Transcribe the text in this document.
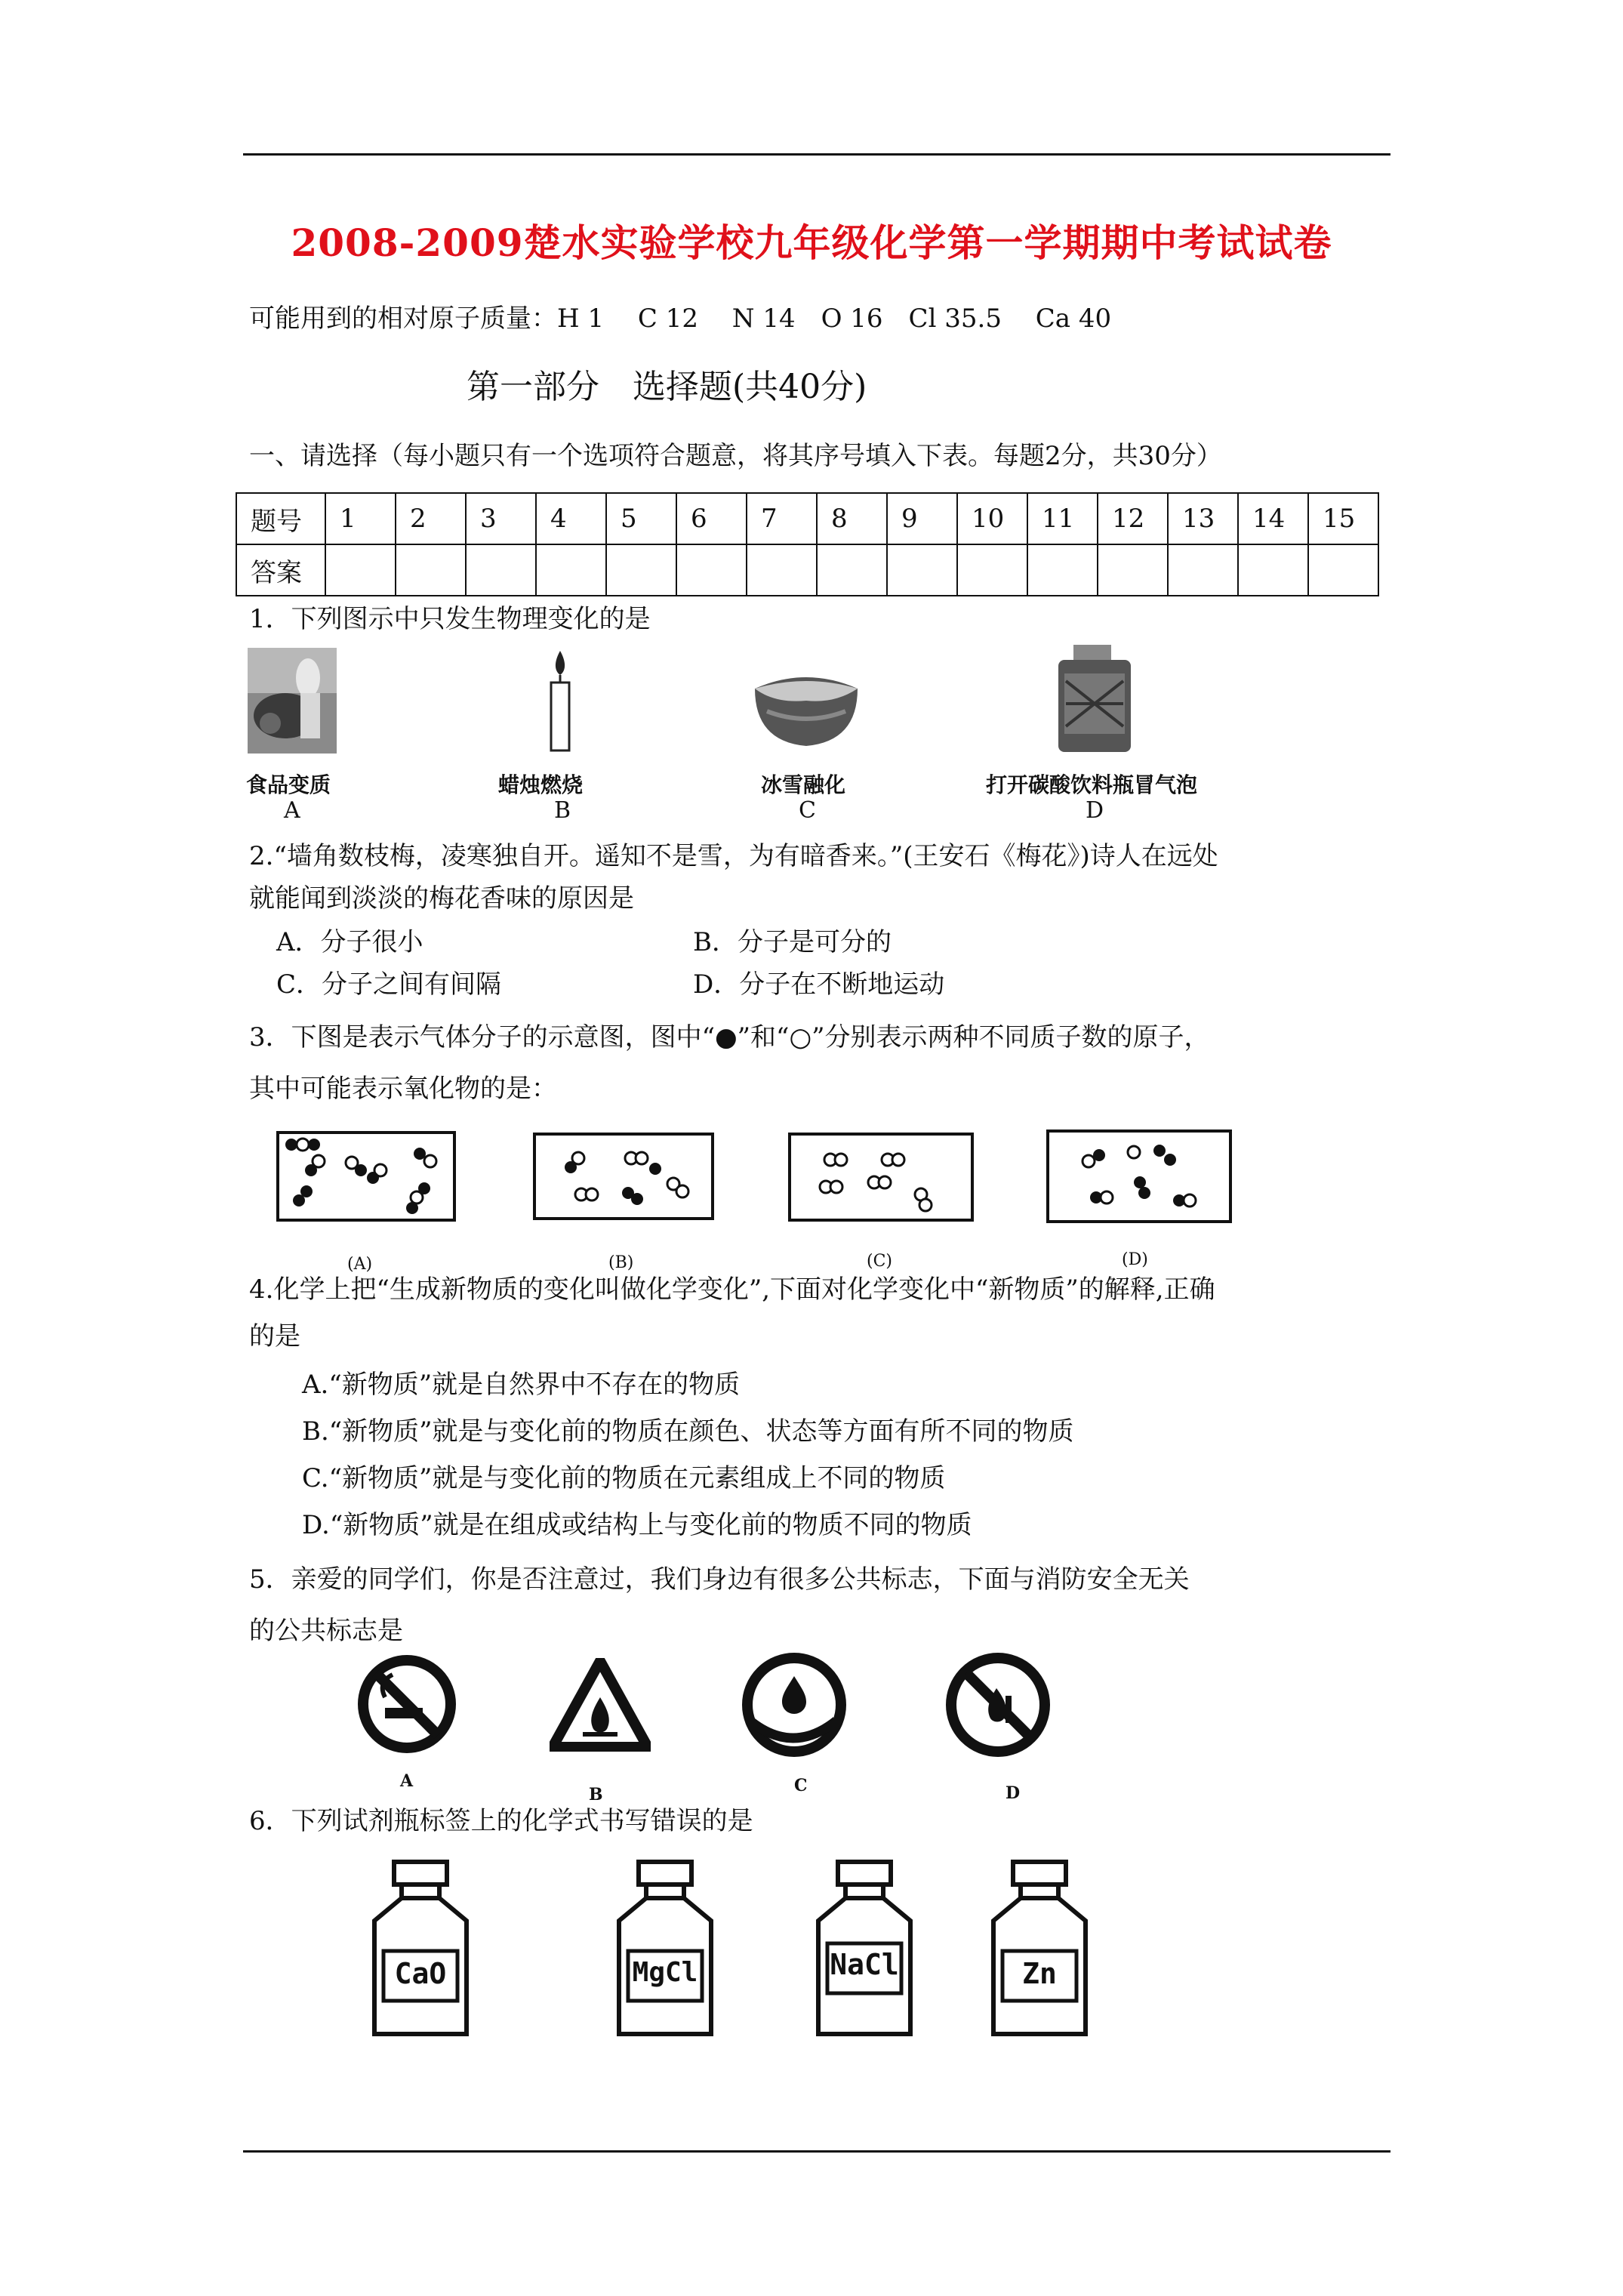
2008-2009楚水实验学校九年级化学第一学期期中考试试卷
可能用到的相对原子质量：H 1　 C 12　 N 14　O 16　Cl 35.5　 Ca 40
第一部分　选择题(共40分)
一、请选择（每小题只有一个选项符合题意，将其序号填入下表。每题2分，共30分）
题号	1	2	3	4	5	6	7	8	9	10	11	12	13	14	15
答案															
1．下列图示中只发生物理变化的是
食品变质	蜡烛燃烧	冰雪融化	打开碳酸饮料瓶冒气泡
A	B	C	D
2.“墙角数枝梅，凌寒独自开。遥知不是雪，为有暗香来。”(王安石《梅花》)诗人在远处
就能闻到淡淡的梅花香味的原因是
A．分子很小	B．分子是可分的
C．分子之间有间隔	D．分子在不断地运动
3．下图是表示气体分子的示意图，图中“●”和“○”分别表示两种不同质子数的原子，
其中可能表示氧化物的是：
(A)	(B)	(C)	(D)
4.化学上把“生成新物质的变化叫做化学变化”,下面对化学变化中“新物质”的解释,正确
的是
A.“新物质”就是自然界中不存在的物质
B.“新物质”就是与变化前的物质在颜色、状态等方面有所不同的物质
C.“新物质”就是与变化前的物质在元素组成上不同的物质
D.“新物质”就是在组成或结构上与变化前的物质不同的物质
5．亲爱的同学们，你是否注意过，我们身边有很多公共标志，下面与消防安全无关
的公共标志是
A
B	C	D
6．下列试剂瓶标签上的化学式书写错误的是
CaO	MgCl	NaCl	Zn
